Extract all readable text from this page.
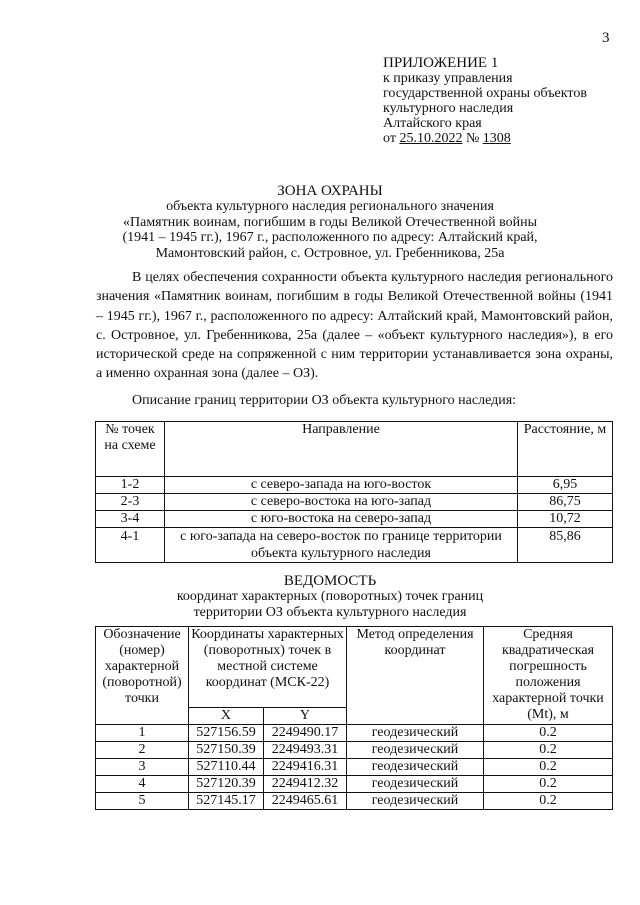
3
ПРИЛОЖЕНИЕ 1
к приказу управления
государственной охраны объектов
культурного наследия
Алтайского края
от 25.10.2022 № 1308
ЗОНА ОХРАНЫ
объекта культурного наследия регионального значения
«Памятник воинам, погибшим в годы Великой Отечественной войны
(1941 – 1945 гг.), 1967 г., расположенного по адресу: Алтайский край,
Мамонтовский район, с. Островное, ул. Гребенникова, 25а
В целях обеспечения сохранности объекта культурного наследия регионального значения «Памятник воинам, погибшим в годы Великой Отечественной войны (1941 – 1945 гг.), 1967 г., расположенного по адресу: Алтайский край, Мамонтовский район, с. Островное, ул. Гребенникова, 25а (далее – «объект культурного наследия»), в его исторической среде на сопряженной с ним территории устанавливается зона охраны, а именно охранная зона (далее – ОЗ).
Описание границ территории ОЗ объекта культурного наследия:
№ точек на схеме	Направление	Расстояние, м
1-2	с северо-запада на юго-восток	6,95
2-3	с северо-востока на юго-запад	86,75
3-4	с юго-востока на северо-запад	10,72
4-1	с юго-запада на северо-восток по границе территории объекта культурного наследия	85,86
ВЕДОМОСТЬ
координат характерных (поворотных) точек границ
территории ОЗ объекта культурного наследия
Обозначение (номер) характерной (поворотной) точки	Координаты характерных (поворотных) точек в местной системе координат (МСК-22)		Метод определения координат	Средняя квадратическая погрешность положения характерной точки (Mt), м
	X	Y		
1	527156.59	2249490.17	геодезический	0.2
2	527150.39	2249493.31	геодезический	0.2
3	527110.44	2249416.31	геодезический	0.2
4	527120.39	2249412.32	геодезический	0.2
5	527145.17	2249465.61	геодезический	0.2
